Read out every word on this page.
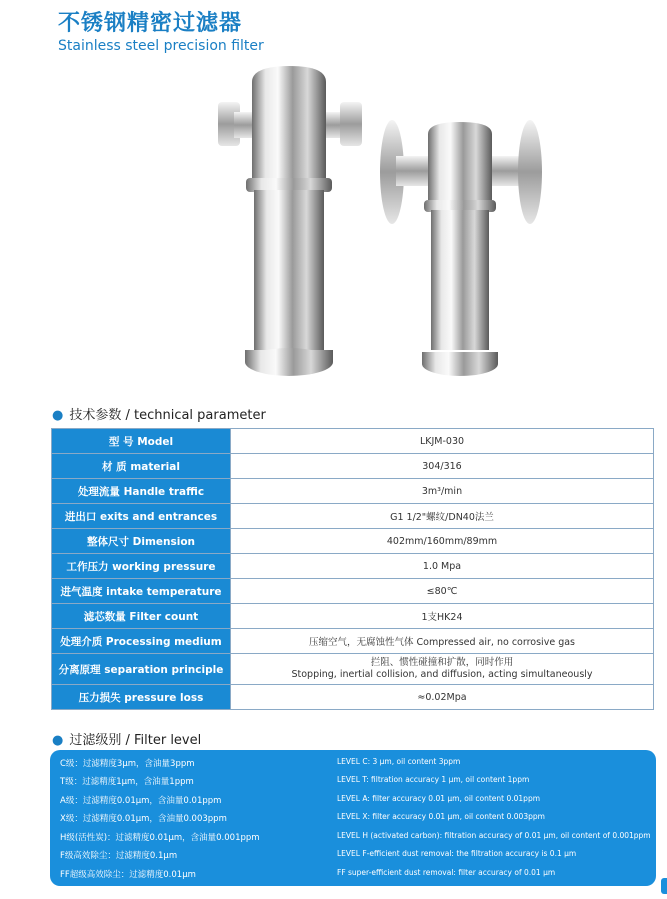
不锈钢精密过滤器
Stainless steel precision filter
● 技术参数 / technical parameter
型 号 Model	LKJM-030
材 质 material	304/316
处理流量 Handle traffic	3m³/min
进出口 exits and entrances	G1 1/2"螺纹/DN40法兰
整体尺寸 Dimension	402mm/160mm/89mm
工作压力 working pressure	1.0 Mpa
进气温度 intake temperature	≤80℃
滤芯数量 Filter count	1支HK24
处理介质 Processing medium	压缩空气，无腐蚀性气体 Compressed air, no corrosive gas
分离原理 separation principle	拦阻、惯性碰撞和扩散，同时作用
Stopping, inertial collision, and diffusion, acting simultaneously

压力损失 pressure loss	≈0.02Mpa
● 过滤级别 / Filter level
C级：过滤精度3μm，含油量3ppm	LEVEL C: 3 μm, oil content 3ppm
T级：过滤精度1μm，含油量1ppm	LEVEL T: filtration accuracy 1 μm, oil content 1ppm
A级：过滤精度0.01μm，含油量0.01ppm	LEVEL A: filter accuracy 0.01 μm, oil content 0.01ppm
X级：过滤精度0.01μm，含油量0.003ppm	LEVEL X: filter accuracy 0.01 μm, oil content 0.003ppm
H级(活性炭)：过滤精度0.01μm，含油量0.001ppm	LEVEL H (activated carbon): filtration accuracy of 0.01 μm, oil content of 0.001ppm
F级高效除尘：过滤精度0.1μm	LEVEL F-efficient dust removal: the filtration accuracy is 0.1 μm
FF超级高效除尘：过滤精度0.01μm	FF super-efficient dust removal: filter accuracy of 0.01 μm
